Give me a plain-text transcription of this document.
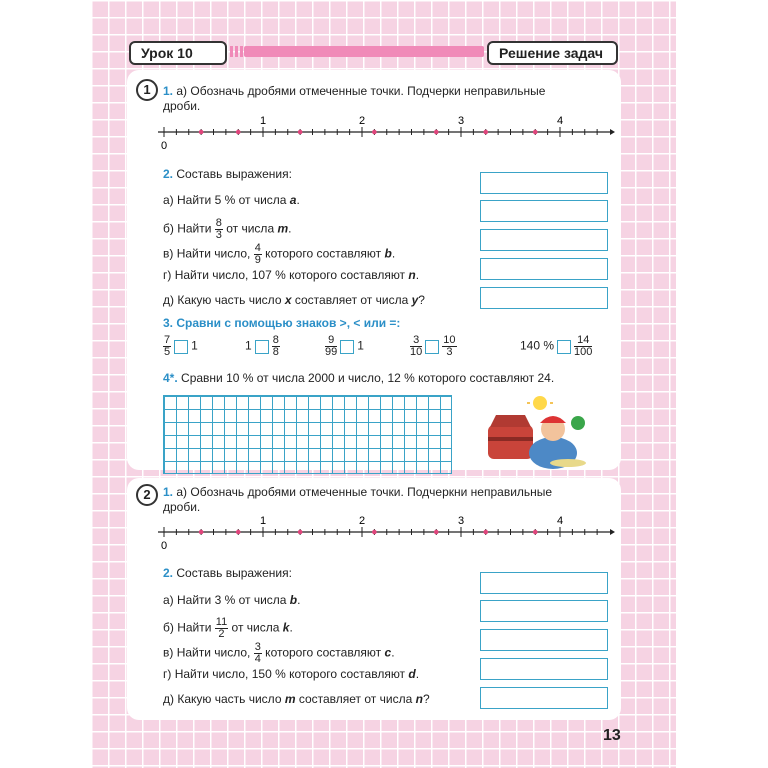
Урок 10	Решение задач
1	1. а) Обозначь дробями отмеченные точки. Подчерки неправильные
дроби.
0
1	2	3	4
2. Составь выражения:
а) Найти 5 % от числа a.
б) Найти $\frac{8}{3}$ от числа m.
в) Найти число, $\frac{4}{9}$ которого составляют b.
г) Найти число, 107 % которого составляют n.
д) Какую часть число x составляет от числа y?
3. Сравни с помощью знаков >, < или =:
$\frac{7}{5} 1$	$1 \frac{8}{8}$	$\frac{9}{99} 1$	$\frac{3}{10} \frac{10}{3}$	140 % $\frac{14}{100}$
4*. Сравни 10 % от числа 2000 и число, 12 % которого составляют 24.
2	1. а) Обозначь дробями отмеченные точки. Подчеркни неправильные
дроби.
0
1	2	3	4
2. Составь выражения:
а) Найти 3 % от числа b.
б) Найти $\frac{11}{2}$ от числа k.
в) Найти число, $\frac{3}{4}$ которого составляют c.
г) Найти число, 150 % которого составляют d.
д) Какую часть число m составляет от числа n?
13
